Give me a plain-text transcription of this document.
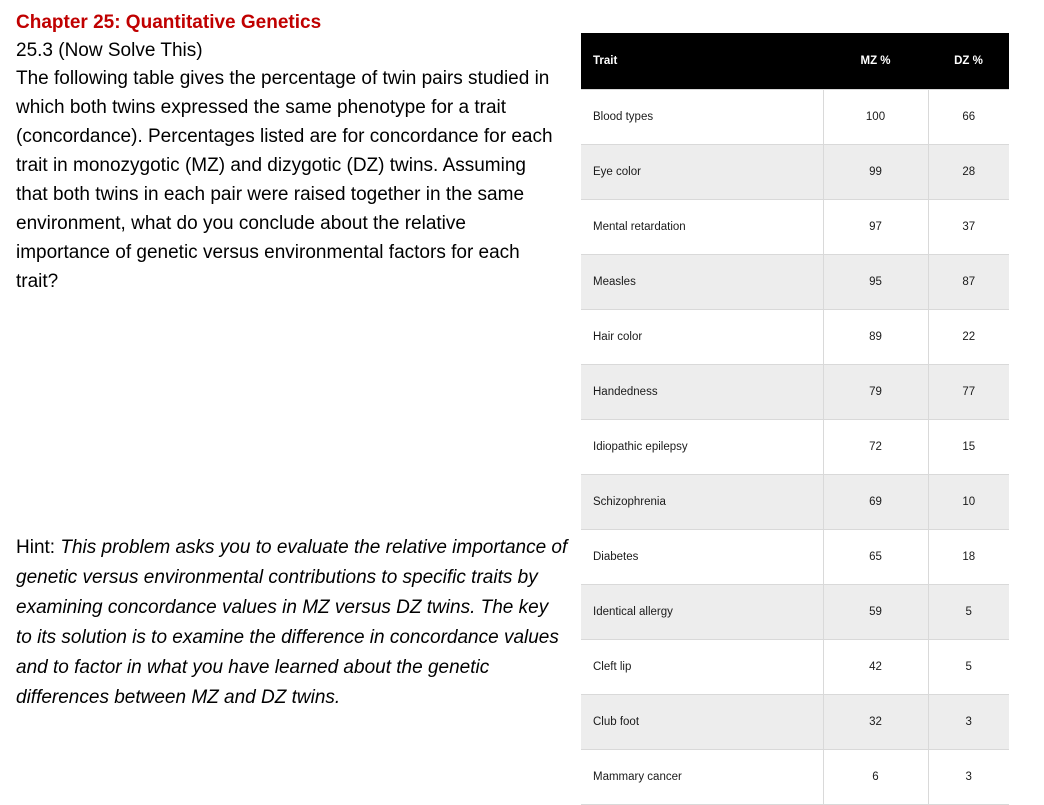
Chapter 25: Quantitative Genetics
25.3 (Now Solve This)
The following table gives the percentage of twin pairs studied in which both twins expressed the same phenotype for a trait (concordance). Percentages listed are for concordance for each trait in monozygotic (MZ) and dizygotic (DZ) twins. Assuming that both twins in each pair were raised together in the same environment, what do you conclude about the relative importance of genetic versus environmental factors for each trait?
Hint: This problem asks you to evaluate the relative importance of genetic versus environmental contributions to specific traits by examining concordance values in MZ versus DZ twins. The key to its solution is to examine the difference in concordance values and to factor in what you have learned about the genetic differences between MZ and DZ twins.
Trait	MZ %	DZ %
Blood types	100	66
Eye color	99	28
Mental retardation	97	37
Measles	95	87
Hair color	89	22
Handedness	79	77
Idiopathic epilepsy	72	15
Schizophrenia	69	10
Diabetes	65	18
Identical allergy	59	5
Cleft lip	42	5
Club foot	32	3
Mammary cancer	6	3
